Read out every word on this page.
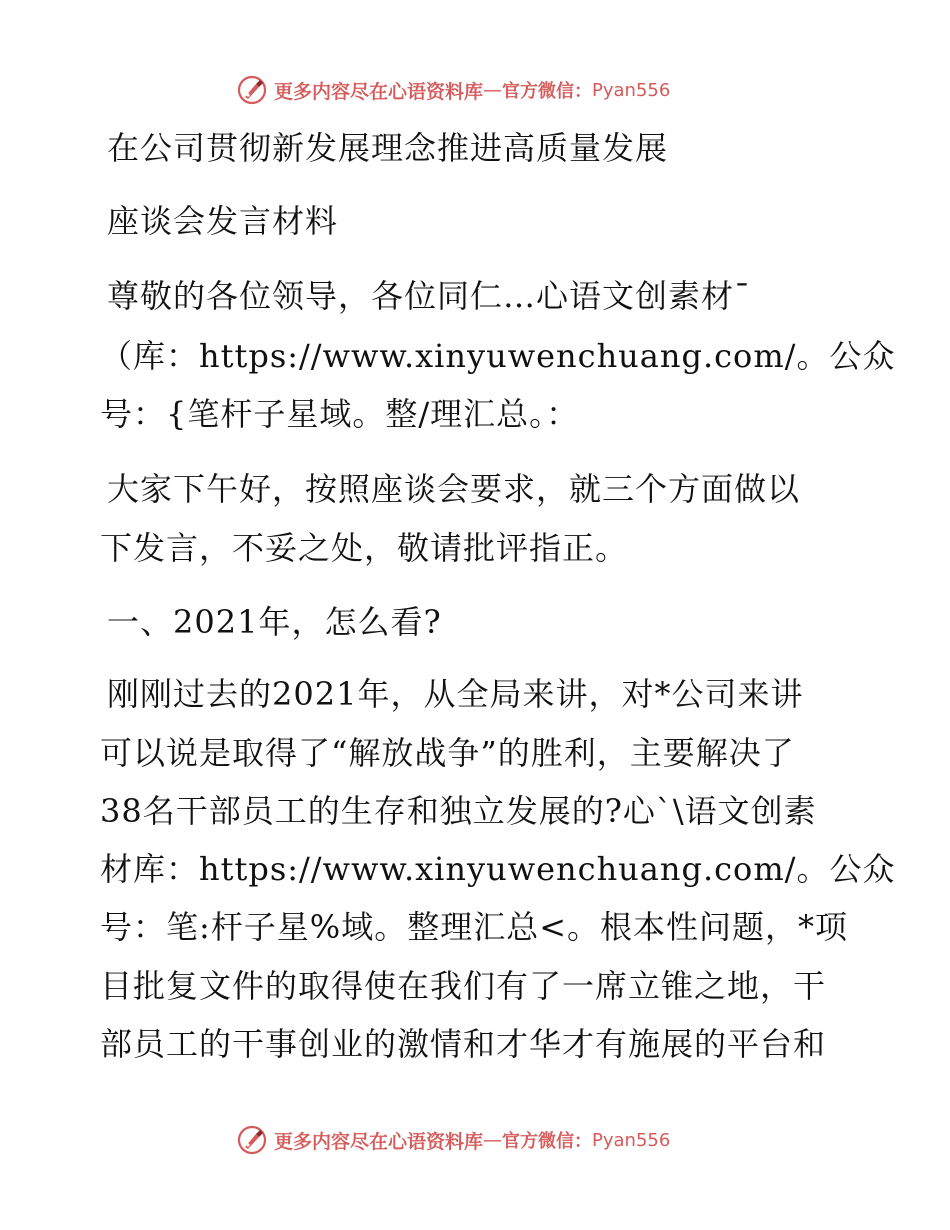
更多内容尽在心语资料库 — 官方微信： Pyan556
在公司贯彻新发展理念推进高质量发展
座谈会发言材料
尊敬的各位领导，各位同仁…心语文创素材¯
（库：https://www.xinyuwenchuang.com/。公众
号：{笔杆子星域。整/理汇总。：
大家下午好，按照座谈会要求，就三个方面做以
下发言，不妥之处，敬请批评指正。
一、2021年，怎么看?
刚刚过去的2021年，从全局来讲，对*公司来讲
可以说是取得了“解放战争”的胜利，主要解决了
38名干部员工的生存和独立发展的?心`\语文创素
材库：https://www.xinyuwenchuang.com/。公众
号：笔:杆子星%域。整理汇总<。根本性问题，*项
目批复文件的取得使在我们有了一席立锥之地，干
部员工的干事创业的激情和才华才有施展的平台和
更多内容尽在心语资料库 — 官方微信： Pyan556
